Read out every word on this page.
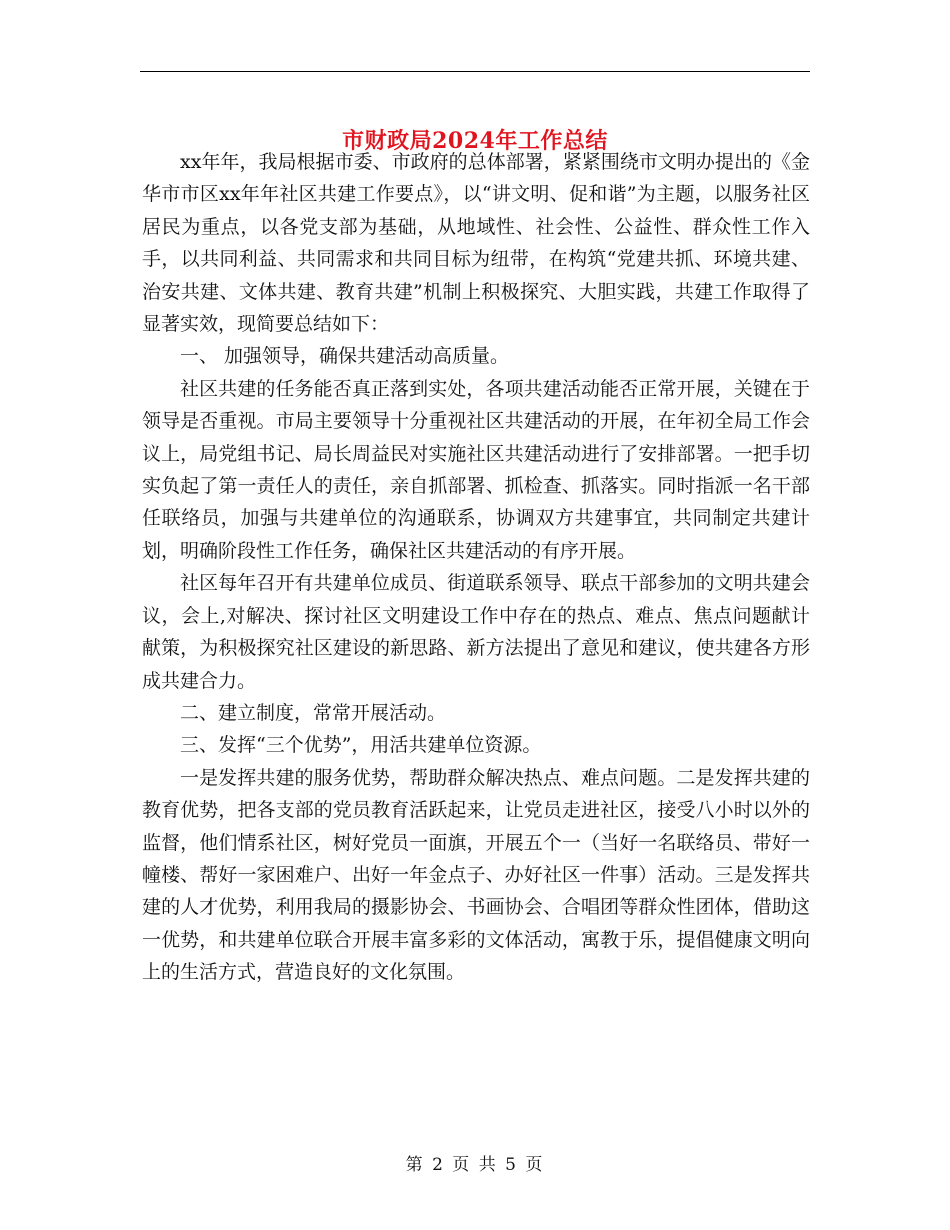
市财政局2024年工作总结

xx年年，我局根据市委、市政府的总体部署，紧紧围绕市文明办提出的《金华市市区xx年年社区共建工作要点》，以“讲文明、促和谐”为主题，以服务社区居民为重点，以各党支部为基础，从地域性、社会性、公益性、群众性工作入手，以共同利益、共同需求和共同目标为纽带，在构筑“党建共抓、环境共建、治安共建、文体共建、教育共建”机制上积极探究、大胆实践，共建工作取得了显著实效，现简要总结如下：

一、 加强领导，确保共建活动高质量。

社区共建的任务能否真正落到实处，各项共建活动能否正常开展，关键在于领导是否重视。市局主要领导十分重视社区共建活动的开展，在年初全局工作会议上，局党组书记、局长周益民对实施社区共建活动进行了安排部署。一把手切实负起了第一责任人的责任，亲自抓部署、抓检查、抓落实。同时指派一名干部任联络员，加强与共建单位的沟通联系，协调双方共建事宜，共同制定共建计划，明确阶段性工作任务，确保社区共建活动的有序开展。

社区每年召开有共建单位成员、街道联系领导、联点干部参加的文明共建会议，会上,对解决、探讨社区文明建设工作中存在的热点、难点、焦点问题献计献策，为积极探究社区建设的新思路、新方法提出了意见和建议，使共建各方形成共建合力。

二、建立制度，常常开展活动。

三、发挥“三个优势”，用活共建单位资源。

一是发挥共建的服务优势，帮助群众解决热点、难点问题。二是发挥共建的教育优势，把各支部的党员教育活跃起来，让党员走进社区，接受八小时以外的监督，他们情系社区，树好党员一面旗，开展五个一（当好一名联络员、带好一幢楼、帮好一家困难户、出好一年金点子、办好社区一件事）活动。三是发挥共建的人才优势，利用我局的摄影协会、书画协会、合唱团等群众性团体，借助这一优势，和共建单位联合开展丰富多彩的文体活动，寓教于乐，提倡健康文明向上的生活方式，营造良好的文化氛围。

第 2 页 共 5 页
